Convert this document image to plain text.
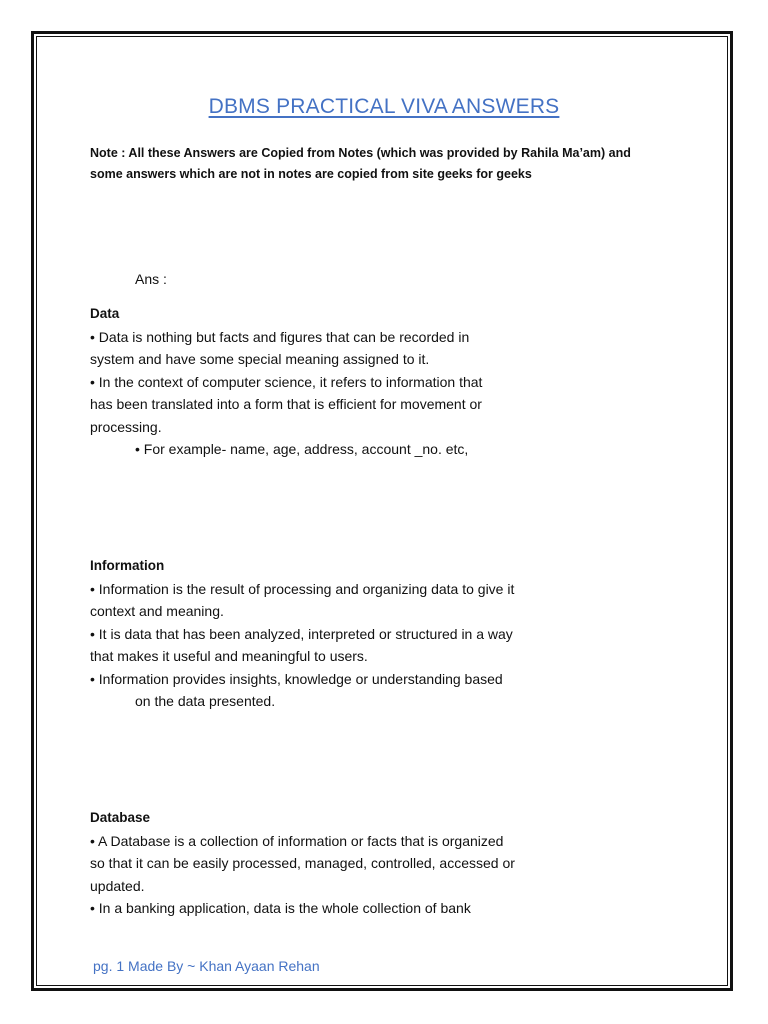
DBMS PRACTICAL VIVA ANSWERS
Note : All these Answers are Copied from Notes (which was provided by Rahila Ma’am) and
some answers which are not in notes are copied from site geeks for geeks
Ans :
Data
• Data is nothing but facts and figures that can be recorded in
system and have some special meaning assigned to it.
• In the context of computer science, it refers to information that
has been translated into a form that is efficient for movement or
processing.
• For example- name, age, address, account _no. etc,
Information
• Information is the result of processing and organizing data to give it
context and meaning.
• It is data that has been analyzed, interpreted or structured in a way
that makes it useful and meaningful to users.
• Information provides insights, knowledge or understanding based
on the data presented.
Database
• A Database is a collection of information or facts that is organized
so that it can be easily processed, managed, controlled, accessed or
updated.
• In a banking application, data is the whole collection of bank
pg. 1 Made By ~ Khan Ayaan Rehan
